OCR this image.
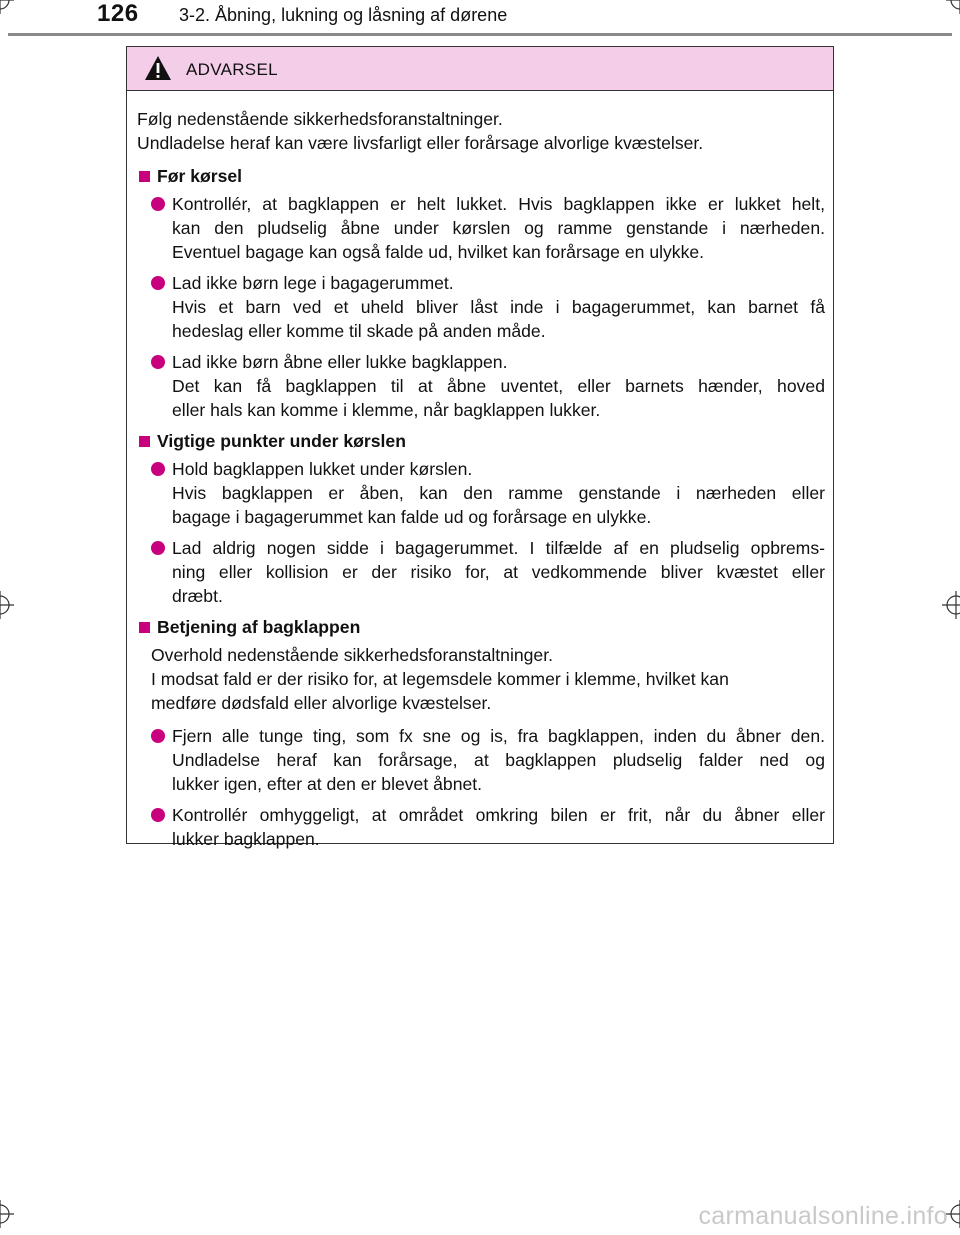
126 3-2. Åbning, lukning og låsning af dørene
ADVARSEL

Følg nedenstående sikkerhedsforanstaltninger.
Undladelse heraf kan være livsfarligt eller forårsage alvorlige kvæstelser.

Før kørsel
Kontrollér, at bagklappen er helt lukket. Hvis bagklappen ikke er lukket helt,
kan den pludselig åbne under kørslen og ramme genstande i nærheden.
Eventuel bagage kan også falde ud, hvilket kan forårsage en ulykke.
Lad ikke børn lege i bagagerummet.
Hvis et barn ved et uheld bliver låst inde i bagagerummet, kan barnet få
hedeslag eller komme til skade på anden måde.
Lad ikke børn åbne eller lukke bagklappen.
Det kan få bagklappen til at åbne uventet, eller barnets hænder, hoved
eller hals kan komme i klemme, når bagklappen lukker.
Vigtige punkter under kørslen
Hold bagklappen lukket under kørslen.
Hvis bagklappen er åben, kan den ramme genstande i nærheden eller
bagage i bagagerummet kan falde ud og forårsage en ulykke.
Lad aldrig nogen sidde i bagagerummet. I tilfælde af en pludselig opbrems-
ning eller kollision er der risiko for, at vedkommende bliver kvæstet eller
dræbt.
Betjening af bagklappen
Overhold nedenstående sikkerhedsforanstaltninger.
I modsat fald er der risiko for, at legemsdele kommer i klemme, hvilket kan
medføre dødsfald eller alvorlige kvæstelser.
Fjern alle tunge ting, som fx sne og is, fra bagklappen, inden du åbner den.
Undladelse heraf kan forårsage, at bagklappen pludselig falder ned og
lukker igen, efter at den er blevet åbnet.
Kontrollér omhyggeligt, at området omkring bilen er frit, når du åbner eller
lukker bagklappen.
carmanualsonline.info
